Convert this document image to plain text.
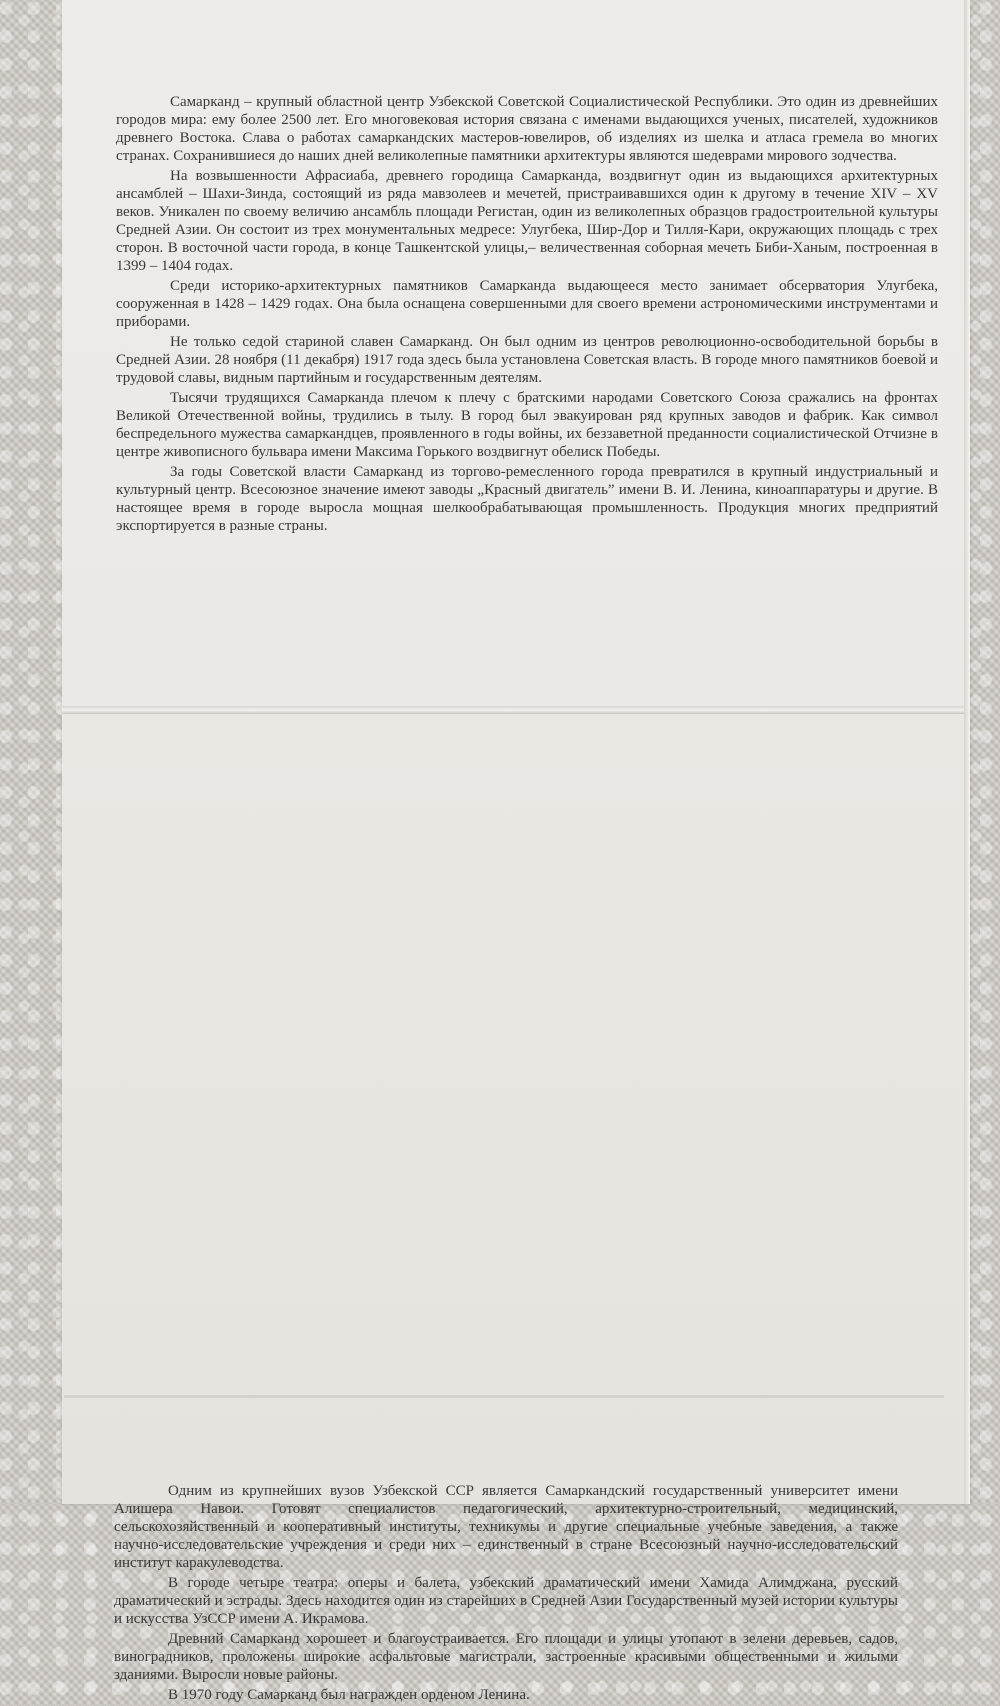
Самарканд – крупный областной центр Узбекской Советской Социалистической Республики. Это один из древнейших городов мира: ему более 2500 лет. Его многовековая история связана с именами выдающихся ученых, писателей, художников древнего Востока. Слава о работах самаркандских мастеров-ювелиров, об изделиях из шелка и атласа гремела во многих странах. Сохранившиеся до наших дней великолепные памятники архитектуры являются шедеврами мирового зодчества.

На возвышенности Афрасиаба, древнего городища Самарканда, воздвигнут один из выдающихся архитектурных ансамблей – Шахи-Зинда, состоящий из ряда мавзолеев и мечетей, пристраивавшихся один к другому в течение XIV – XV веков. Уникален по своему величию ансамбль площади Регистан, один из великолепных образцов градостроительной культуры Средней Азии. Он состоит из трех монументальных медресе: Улугбека, Шир-Дор и Тилля-Кари, окружающих площадь с трех сторон. В восточной части города, в конце Ташкентской улицы,– величественная соборная мечеть Биби-Ханым, построенная в 1399 – 1404 годах.

Среди историко-архитектурных памятников Самарканда выдающееся место занимает обсерватория Улугбека, сооруженная в 1428 – 1429 годах. Она была оснащена совершенными для своего времени астрономическими инструментами и приборами.

Не только седой стариной славен Самарканд. Он был одним из центров революционно-освободительной борьбы в Средней Азии. 28 ноября (11 декабря) 1917 года здесь была установлена Советская власть. В городе много памятников боевой и трудовой славы, видным партийным и государственным деятелям.

Тысячи трудящихся Самарканда плечом к плечу с братскими народами Советского Союза сражались на фронтах Великой Отечественной войны, трудились в тылу. В город был эвакуирован ряд крупных заводов и фабрик. Как символ беспредельного мужества самаркандцев, проявленного в годы войны, их беззаветной преданности социалистической Отчизне в центре живописного бульвара имени Максима Горького воздвигнут обелиск Победы.

За годы Советской власти Самарканд из торгово-ремесленного города превратился в крупный индустриальный и культурный центр. Всесоюзное значение имеют заводы „Красный двигатель” имени В. И. Ленина, киноаппаратуры и другие. В настоящее время в городе выросла мощная шелкообрабатывающая промышленность. Продукция многих предприятий экспортируется в разные страны.

Одним из крупнейших вузов Узбекской ССР является Самаркандский государственный университет имени Алишера Навои. Готовят специалистов педагогический, архитектурно-строительный, медицинский, сельскохозяйственный и кооперативный институты, техникумы и другие специальные учебные заведения, а также научно-исследовательские учреждения и среди них – единственный в стране Всесоюзный научно-исследовательский институт каракулеводства.

В городе четыре театра: оперы и балета, узбекский драматический имени Хамида Алимджана, русский драматический и эстрады. Здесь находится один из старейших в Средней Азии Государственный музей истории культуры и искусства УзССР имени А. Икрамова.

Древний Самарканд хорошеет и благоустраивается. Его площади и улицы утопают в зелени деревьев, садов, виноградников, проложены широкие асфальтовые магистрали, застроенные красивыми общественными и жилыми зданиями. Выросли новые районы.

В 1970 году Самарканд был награжден орденом Ленина.
